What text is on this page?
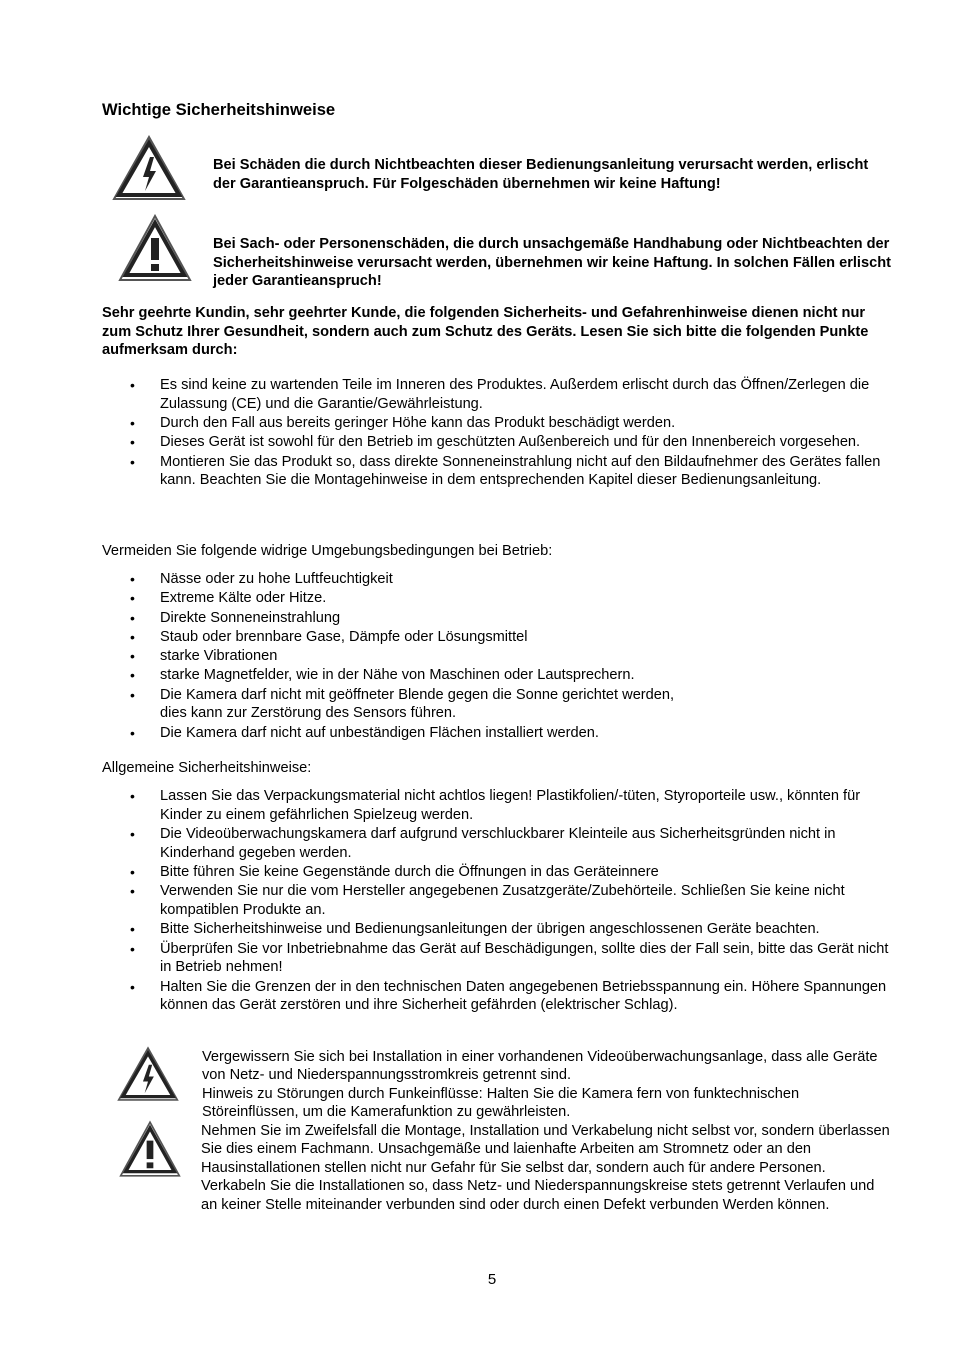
Wichtige Sicherheitshinweise
Bei Schäden die durch Nichtbeachten dieser Bedienungsanleitung verursacht werden, erlischt der Garantieanspruch. Für Folgeschäden übernehmen wir keine Haftung!
Bei Sach- oder Personenschäden, die durch unsachgemäße Handhabung oder Nichtbeachten der Sicherheitshinweise verursacht werden, übernehmen wir keine Haftung. In solchen Fällen erlischt jeder Garantieanspruch!
Sehr geehrte Kundin, sehr geehrter Kunde, die folgenden Sicherheits- und Gefahrenhinweise dienen nicht nur zum Schutz Ihrer Gesundheit, sondern auch zum Schutz des Geräts. Lesen Sie sich bitte die folgenden Punkte aufmerksam durch:
• Es sind keine zu wartenden Teile im Inneren des Produktes. Außerdem erlischt durch das Öffnen/Zerlegen die Zulassung (CE) und die Garantie/Gewährleistung.
• Durch den Fall aus bereits geringer Höhe kann das Produkt beschädigt werden.
• Dieses Gerät ist sowohl für den Betrieb im geschützten Außenbereich und für den Innenbereich vorgesehen.
• Montieren Sie das Produkt so, dass direkte Sonneneinstrahlung nicht auf den Bildaufnehmer des Gerätes fallen kann. Beachten Sie die Montagehinweise in dem entsprechenden Kapitel dieser Bedienungsanleitung.
Vermeiden Sie folgende widrige Umgebungsbedingungen bei Betrieb:
• Nässe oder zu hohe Luftfeuchtigkeit
• Extreme Kälte oder Hitze.
• Direkte Sonneneinstrahlung
• Staub oder brennbare Gase, Dämpfe oder Lösungsmittel
• starke Vibrationen
• starke Magnetfelder, wie in der Nähe von Maschinen oder Lautsprechern.
• Die Kamera darf nicht mit geöffneter Blende gegen die Sonne gerichtet werden,
dies kann zur Zerstörung des Sensors führen.
• Die Kamera darf nicht auf unbeständigen Flächen installiert werden.
Allgemeine Sicherheitshinweise:
• Lassen Sie das Verpackungsmaterial nicht achtlos liegen! Plastikfolien/-tüten, Styroporteile usw., könnten für Kinder zu einem gefährlichen Spielzeug werden.
• Die Videoüberwachungskamera darf aufgrund verschluckbarer Kleinteile aus Sicherheitsgründen nicht in Kinderhand gegeben werden.
• Bitte führen Sie keine Gegenstände durch die Öffnungen in das Geräteinnere
• Verwenden Sie nur die vom Hersteller angegebenen Zusatzgeräte/Zubehörteile. Schließen Sie keine nicht kompatiblen Produkte an.
• Bitte Sicherheitshinweise und Bedienungsanleitungen der übrigen angeschlossenen Geräte beachten.
• Überprüfen Sie vor Inbetriebnahme das Gerät auf Beschädigungen, sollte dies der Fall sein, bitte das Gerät nicht in Betrieb nehmen!
• Halten Sie die Grenzen der in den technischen Daten angegebenen Betriebsspannung ein. Höhere Spannungen können das Gerät zerstören und ihre Sicherheit gefährden (elektrischer Schlag).
Vergewissern Sie sich bei Installation in einer vorhandenen Videoüberwachungsanlage, dass alle Geräte von Netz- und Niederspannungsstromkreis getrennt sind.
Hinweis zu Störungen durch Funkeinflüsse: Halten Sie die Kamera fern von funktechnischen Störeinflüssen, um die Kamerafunktion zu gewährleisten.
Nehmen Sie im Zweifelsfall die Montage, Installation und Verkabelung nicht selbst vor, sondern überlassen Sie dies einem Fachmann. Unsachgemäße und laienhafte Arbeiten am Stromnetz oder an den Hausinstallationen stellen nicht nur Gefahr für Sie selbst dar, sondern auch für andere Personen.
Verkabeln Sie die Installationen so, dass Netz- und Niederspannungskreise stets getrennt Verlaufen und an keiner Stelle miteinander verbunden sind oder durch einen Defekt verbunden Werden können.
5
